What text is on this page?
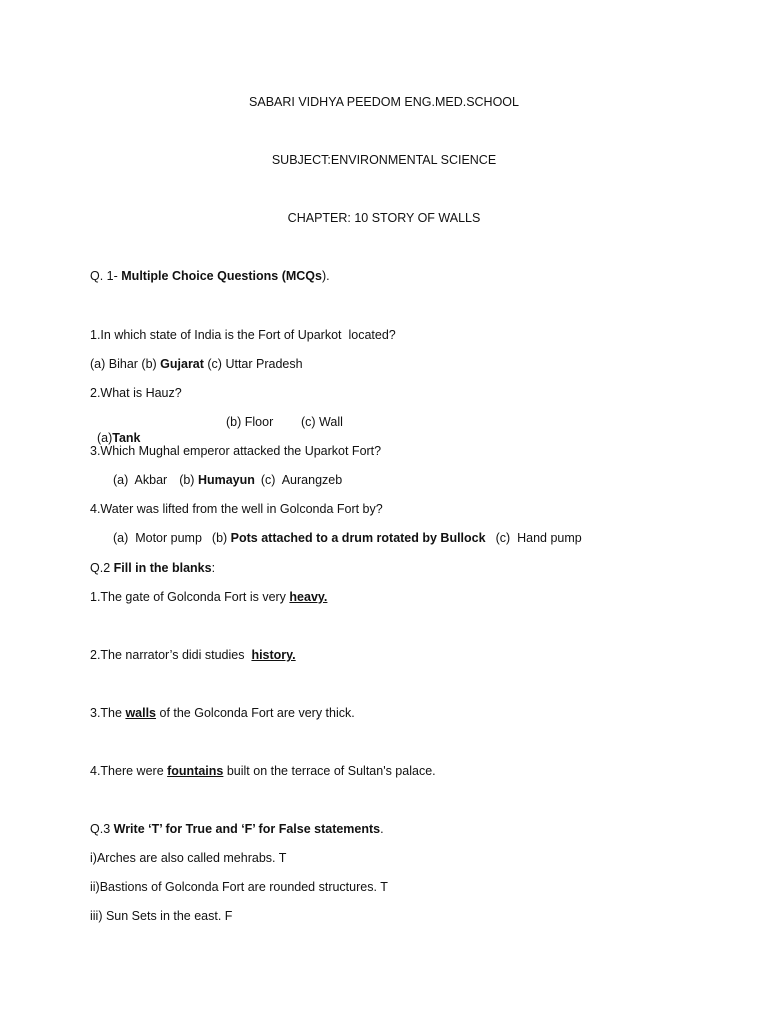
SABARI VIDHYA PEEDOM ENG.MED.SCHOOL
SUBJECT:ENVIRONMENTAL SCIENCE
CHAPTER: 10 STORY OF WALLS
Q. 1- Multiple Choice Questions (MCQs).
1.In which state of India is the Fort of Uparkot  located?
(a) Bihar (b) Gujarat (c) Uttar Pradesh
2.What is Hauz?

(a)Tank

(b) Floor (c) Wall
3.Which Mughal emperor attacked the Uparkot Fort?
(a)  Akbar (b) Humayun (c)  Aurangzeb
4.Water was lifted from the well in Golconda Fort by?
(a)  Motor pump (b) Pots attached to a drum rotated by Bullock (c)  Hand pump
Q.2 Fill in the blanks:
1.The gate of Golconda Fort is very heavy.
2.The narrator’s didi studies  history.
3.The walls of the Golconda Fort are very thick.
4.There were fountains built on the terrace of Sultan's palace.
Q.3 Write ‘T’ for True and ‘F’ for False statements.
i)Arches are also called mehrabs. T
ii)Bastions of Golconda Fort are rounded structures. T
iii) Sun Sets in the east. F
